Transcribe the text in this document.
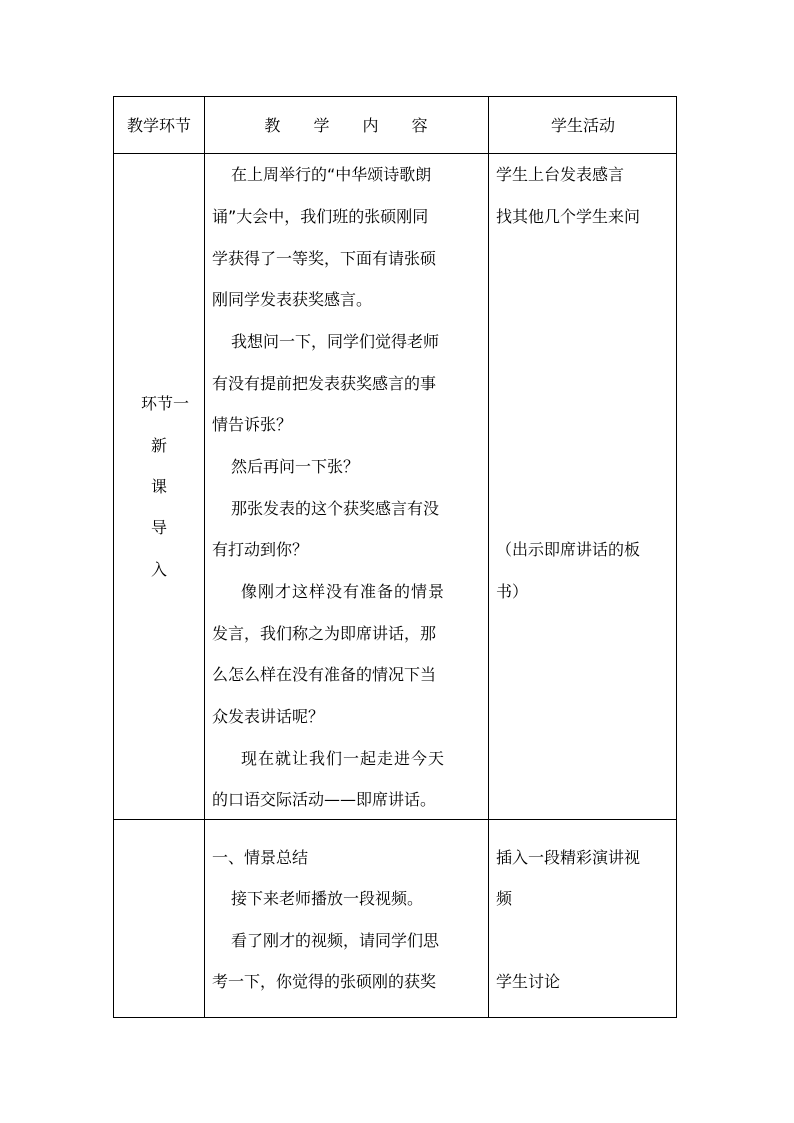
教学环节	教 学 内 容	学生活动
环节一
新
课
导
入
在上周举行的“中华颂诗歌朗
诵”大会中，我们班的张硕刚同
学获得了一等奖，下面有请张硕
刚同学发表获奖感言。
我想问一下，同学们觉得老师
有没有提前把发表获奖感言的事
情告诉张？
然后再问一下张？
那张发表的这个获奖感言有没
有打动到你？
像刚才这样没有准备的情景
发言，我们称之为即席讲话，那
么怎么样在没有准备的情况下当
众发表讲话呢？
现在就让我们一起走进今天
的口语交际活动——即席讲话。
学生上台发表感言
找其他几个学生来问
（出示即席讲话的板
书）
一、情景总结
接下来老师播放一段视频。
看了刚才的视频，请同学们思
考一下，你觉得的张硕刚的获奖
插入一段精彩演讲视
频
学生讨论
